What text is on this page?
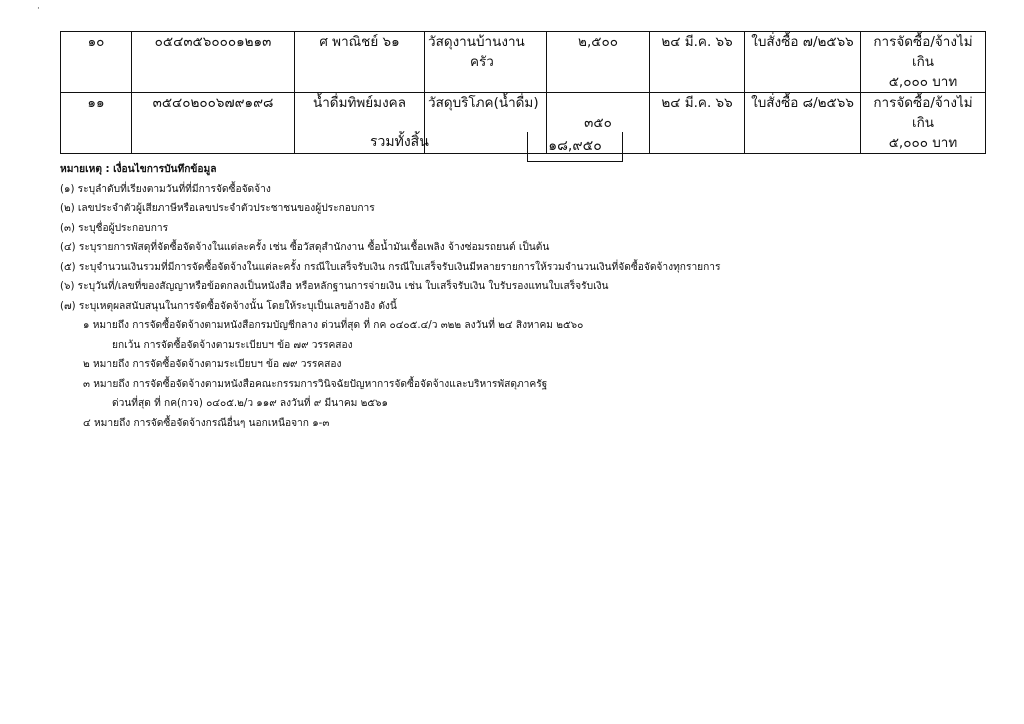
·
๑๐	๐๕๔๓๕๖๐๐๐๑๒๑๓	ศ พาณิชย์ ๖๑	วัสดุงานบ้านงาน
ครัว	๒,๕๐๐	๒๔ มี.ค. ๖๖	ใบสั่งซื้อ ๗/๒๕๖๖	การจัดซื้อ/จ้างไม่เกิน
๕,๐๐๐ บาท

๑๑	๓๕๔๐๒๐๐๖๗๙๑๙๘	น้ำดื่มทิพย์มงคล	วัสดุบริโภค(น้ำดื่ม)	๓๕๐	๒๔ มี.ค. ๖๖	ใบสั่งซื้อ ๘/๒๕๖๖	การจัดซื้อ/จ้างไม่เกิน
๕,๐๐๐ บาท
รวมทั้งสิ้น	๑๘,๙๕๐
หมายเหตุ : เงื่อนไขการบันทึกข้อมูล
(๑) ระบุลำดับที่เรียงตามวันที่ที่มีการจัดซื้อจัดจ้าง
(๒) เลขประจำตัวผู้เสียภาษีหรือเลขประจำตัวประชาชนของผู้ประกอบการ
(๓) ระบุชื่อผู้ประกอบการ
(๔) ระบุรายการพัสดุที่จัดซื้อจัดจ้างในแต่ละครั้ง เช่น ซื้อวัสดุสำนักงาน ซื้อน้ำมันเชื้อเพลิง จ้างซ่อมรถยนต์ เป็นต้น
(๕) ระบุจำนวนเงินรวมที่มีการจัดซื้อจัดจ้างในแต่ละครั้ง กรณีใบเสร็จรับเงิน กรณีใบเสร็จรับเงินมีหลายรายการให้รวมจำนวนเงินที่จัดซื้อจัดจ้างทุกรายการ
(๖) ระบุวันที่/เลขที่ของสัญญาหรือข้อตกลงเป็นหนังสือ หรือหลักฐานการจ่ายเงิน เช่น ใบเสร็จรับเงิน ใบรับรองแทนใบเสร็จรับเงิน
(๗) ระบุเหตุผลสนับสนุนในการจัดซื้อจัดจ้างนั้น โดยให้ระบุเป็นเลขอ้างอิง ดังนี้
๑ หมายถึง การจัดซื้อจัดจ้างตามหนังสือกรมบัญชีกลาง ด่วนที่สุด ที่ กค ๐๔๐๕.๔/ว ๓๒๒ ลงวันที่ ๒๔ สิงหาคม ๒๕๖๐
ยกเว้น การจัดซื้อจัดจ้างตามระเบียบฯ ข้อ ๗๙ วรรคสอง
๒ หมายถึง การจัดซื้อจัดจ้างตามระเบียบฯ ข้อ ๗๙ วรรคสอง
๓ หมายถึง การจัดซื้อจัดจ้างตามหนังสือคณะกรรมการวินิจฉัยปัญหาการจัดซื้อจัดจ้างและบริหารพัสดุภาครัฐ
ด่วนที่สุด ที่ กค(กวจ) ๐๔๐๕.๒/ว ๑๑๙ ลงวันที่ ๙ มีนาคม ๒๕๖๑
๔ หมายถึง การจัดซื้อจัดจ้างกรณีอื่นๆ นอกเหนือจาก ๑-๓
